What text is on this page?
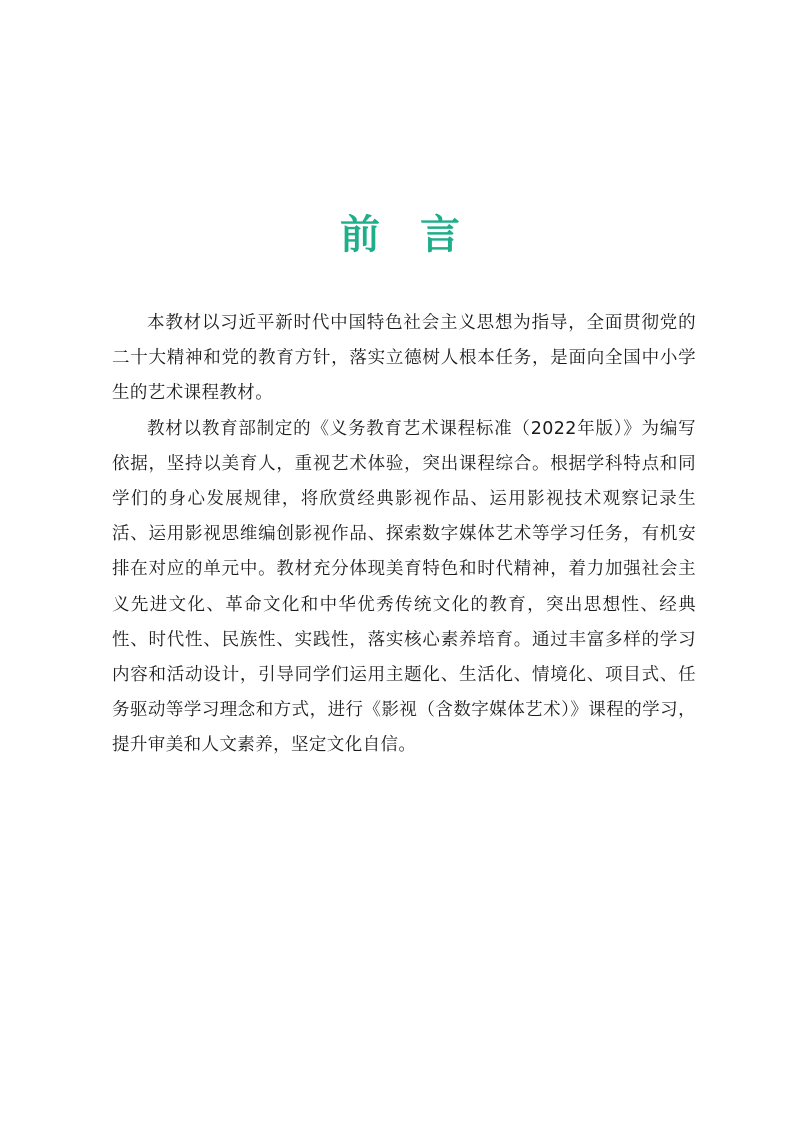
前言

本教材以习近平新时代中国特色社会主义思想为指导，全面贯彻党的二十大精神和党的教育方针，落实立德树人根本任务，是面向全国中小学生的艺术课程教材。

教材以教育部制定的《义务教育艺术课程标准（2022年版）》为编写依据，坚持以美育人，重视艺术体验，突出课程综合。根据学科特点和同学们的身心发展规律，将欣赏经典影视作品、运用影视技术观察记录生活、运用影视思维编创影视作品、探索数字媒体艺术等学习任务，有机安排在对应的单元中。教材充分体现美育特色和时代精神，着力加强社会主义先进文化、革命文化和中华优秀传统文化的教育，突出思想性、经典性、时代性、民族性、实践性，落实核心素养培育。通过丰富多样的学习内容和活动设计，引导同学们运用主题化、生活化、情境化、项目式、任务驱动等学习理念和方式，进行《影视（含数字媒体艺术）》课程的学习，提升审美和人文素养，坚定文化自信。
